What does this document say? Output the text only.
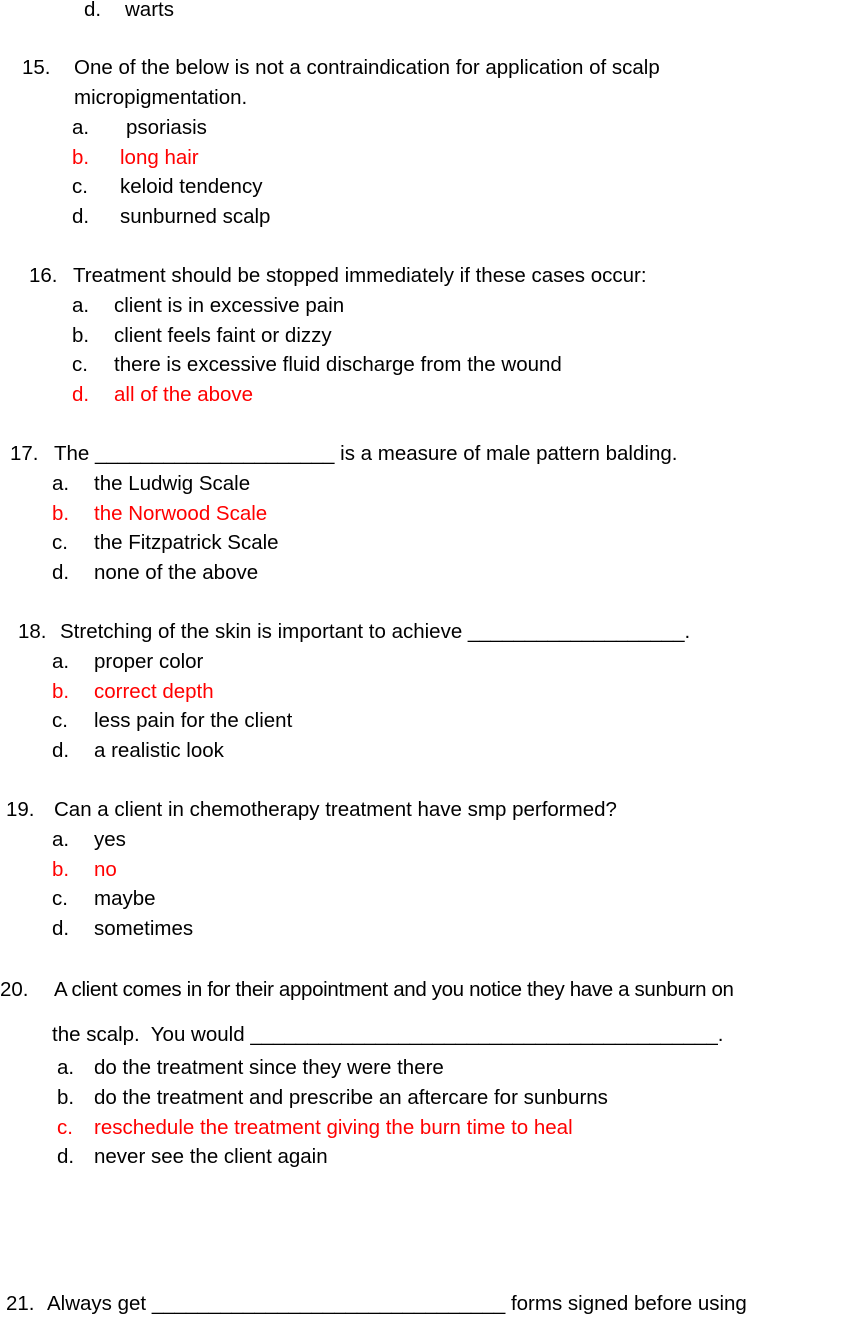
d. warts
15. One of the below is not a contraindication for application of scalp
micropigmentation.
a. psoriasis
b. long hair
c. keloid tendency
d. sunburned scalp
16. Treatment should be stopped immediately if these cases occur:
a. client is in excessive pain
b. client feels faint or dizzy
c. there is excessive fluid discharge from the wound
d. all of the above
17. The _____________________ is a measure of male pattern balding.
a. the Ludwig Scale
b. the Norwood Scale
c. the Fitzpatrick Scale
d. none of the above
18. Stretching of the skin is important to achieve ___________________.
a. proper color
b. correct depth
c. less pain for the client
d. a realistic look
19. Can a client in chemotherapy treatment have smp performed?
a. yes
b. no
c. maybe
d. sometimes
20. A client comes in for their appointment and you notice they have a sunburn on
the scalp.  You would _________________________________________.
a. do the treatment since they were there
b. do the treatment and prescribe an aftercare for sunburns
c. reschedule the treatment giving the burn time to heal
d. never see the client again
21. Always get _______________________________ forms signed before using
